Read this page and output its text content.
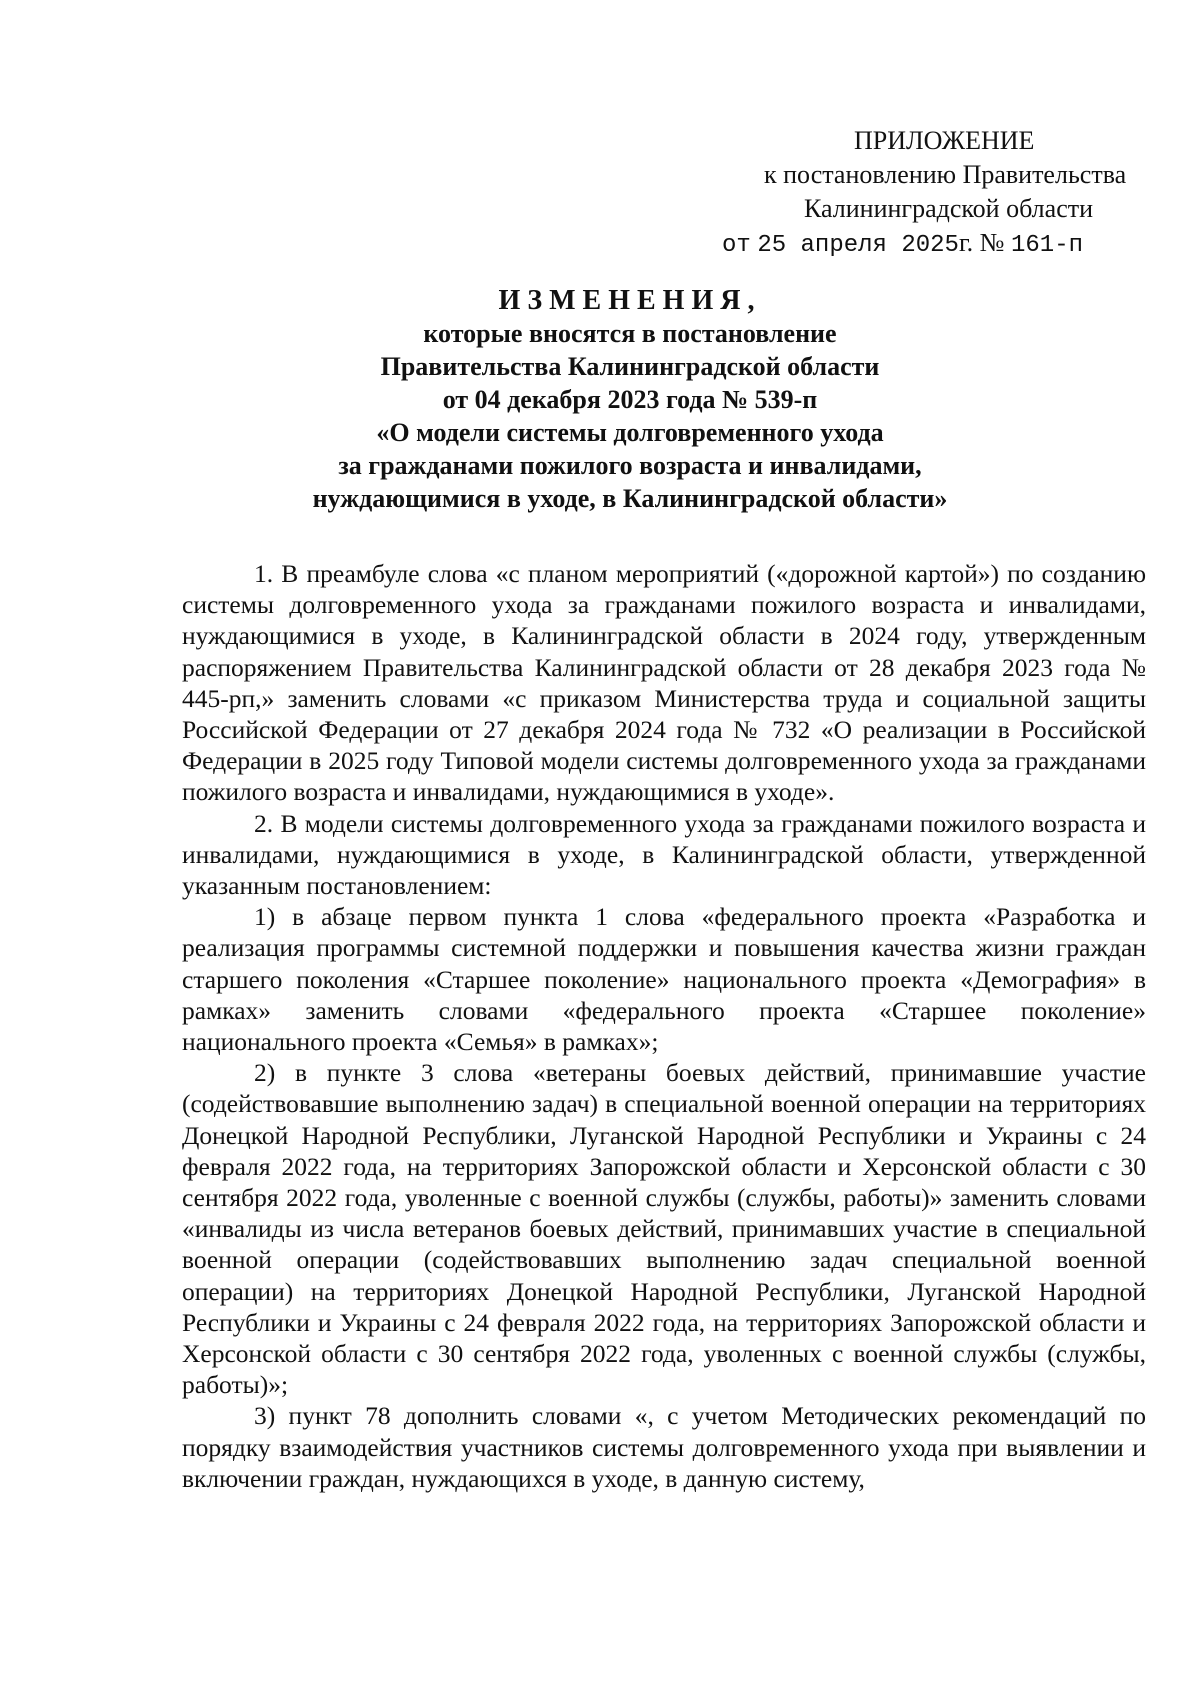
ПРИЛОЖЕНИЕ
к постановлению Правительства
Калининградской области
от 25 апреля 2025г. № 161-п
ИЗМЕНЕНИЯ,
которые вносятся в постановление
Правительства Калининградской области
от 04 декабря 2023 года № 539-п
«О модели системы долговременного ухода
за гражданами пожилого возраста и инвалидами,
нуждающимися в уходе, в Калининградской области»

1. В преамбуле слова «с планом мероприятий («дорожной картой») по созданию системы долговременного ухода за гражданами пожилого возраста и инвалидами, нуждающимися в уходе, в Калининградской области в 2024 году, утвержденным распоряжением Правительства Калининградской области от 28 декабря 2023 года № 445-рп,» заменить словами «с приказом Министерства труда и социальной защиты Российской Федерации от 27 декабря 2024 года № 732 «О реализации в Российской Федерации в 2025 году Типовой модели системы долговременного ухода за гражданами пожилого возраста и инвалидами, нуждающимися в уходе».

2. В модели системы долговременного ухода за гражданами пожилого возраста и инвалидами, нуждающимися в уходе, в Калининградской области, утвержденной указанным постановлением:

1) в абзаце первом пункта 1 слова «федерального проекта «Разработка и реализация программы системной поддержки и повышения качества жизни граждан старшего поколения «Старшее поколение» национального проекта «Демография» в рамках» заменить словами «федерального проекта «Старшее поколение» национального проекта «Семья» в рамках»;

2) в пункте 3 слова «ветераны боевых действий, принимавшие участие (содействовавшие выполнению задач) в специальной военной операции на территориях Донецкой Народной Республики, Луганской Народной Республики и Украины с 24 февраля 2022 года, на территориях Запорожской области и Херсонской области с 30 сентября 2022 года, уволенные с военной службы (службы, работы)» заменить словами «инвалиды из числа ветеранов боевых действий, принимавших участие в специальной военной операции (содействовавших выполнению задач специальной военной операции) на территориях Донецкой Народной Республики, Луганской Народной Республики и Украины с 24 февраля 2022 года, на территориях Запорожской области и Херсонской области с 30 сентября 2022 года, уволенных с военной службы (службы, работы)»;

3) пункт 78 дополнить словами «, с учетом Методических рекомендаций по порядку взаимодействия участников системы долговременного ухода при выявлении и включении граждан, нуждающихся в уходе, в данную систему,
